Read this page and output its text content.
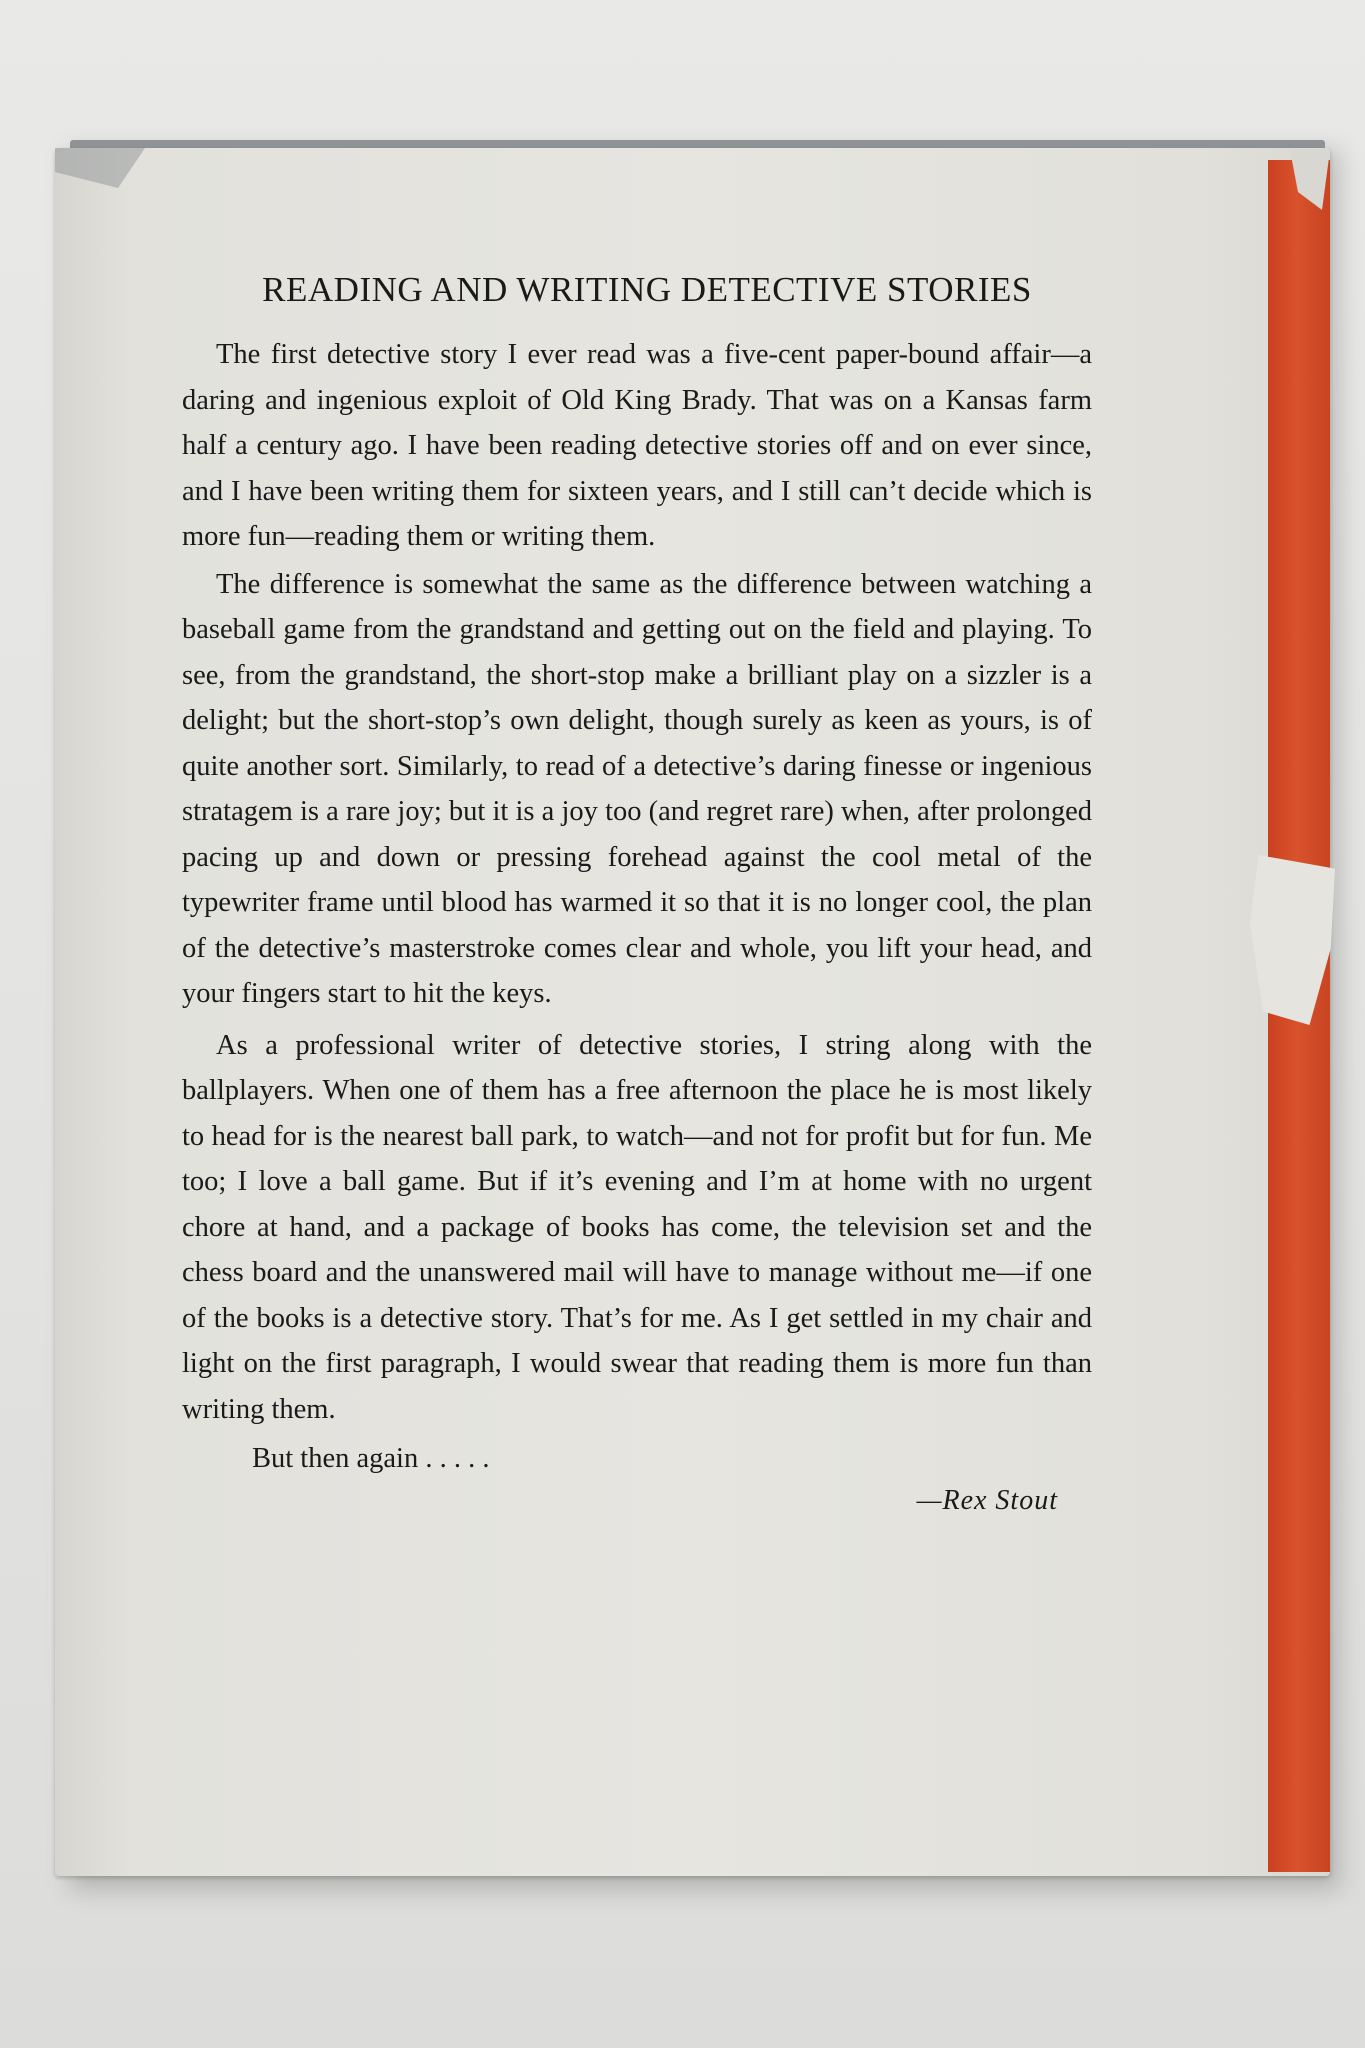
READING AND WRITING DETECTIVE STORIES

The first detective story I ever read was a five-cent paper-bound affair—a daring and ingenious exploit of Old King Brady. That was on a Kansas farm half a century ago. I have been reading detective stories off and on ever since, and I have been writing them for sixteen years, and I still can’t decide which is more fun—reading them or writing them.

The difference is somewhat the same as the difference between watching a baseball game from the grandstand and getting out on the field and playing. To see, from the grandstand, the short-stop make a brilliant play on a sizzler is a delight; but the short-stop’s own delight, though surely as keen as yours, is of quite another sort. Similarly, to read of a detective’s daring finesse or ingenious stratagem is a rare joy; but it is a joy too (and regret rare) when, after prolonged pacing up and down or pressing forehead against the cool metal of the typewriter frame until blood has warmed it so that it is no longer cool, the plan of the detective’s masterstroke comes clear and whole, you lift your head, and your fingers start to hit the keys.

As a professional writer of detective stories, I string along with the ballplayers. When one of them has a free afternoon the place he is most likely to head for is the nearest ball park, to watch—and not for profit but for fun. Me too; I love a ball game. But if it’s evening and I’m at home with no urgent chore at hand, and a package of books has come, the television set and the chess board and the unanswered mail will have to manage without me—if one of the books is a detective story. That’s for me. As I get settled in my chair and light on the first paragraph, I would swear that reading them is more fun than writing them.

But then again . . . . .

—Rex Stout
